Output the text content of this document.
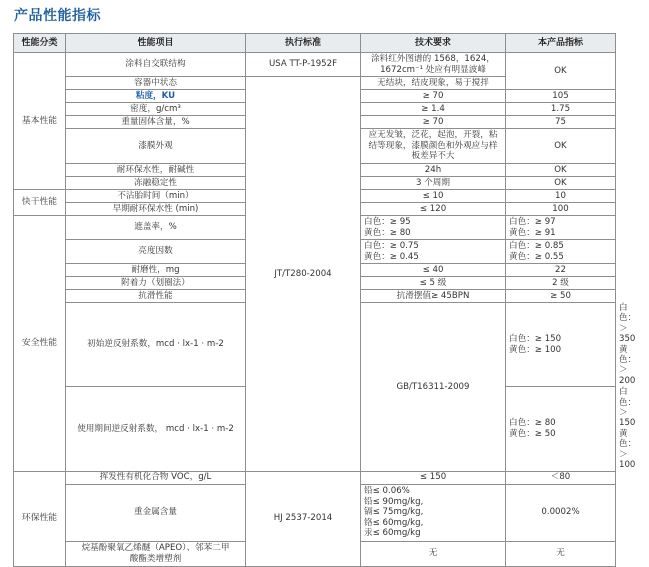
产品性能指标
性能分类	性能项目	执行标准	技术要求	本产品指标	
基本性能	涂料自交联结构	USA TT-P-1952F	涂料红外图谱的 1568，1624，
1672cm⁻¹ 处应有明显波峰	OK	
	容器中状态	JT/T280-2004	无结块，结皮现象，易于搅拌		
	粘度，KU		≥ 70	105	
	密度，g/cm³		≥ 1.4	1.75	
	重量固体含量，%		≥ 70	75	
	漆膜外观		应无发皱，泛花，起泡，开裂，粘
结等现象，漆膜颜色和外观应与样
板差异不大	OK	
	耐环保水性，耐碱性		24h	OK	
	冻融稳定性		3 个周期	OK	
快干性能	不沾胎时间（min）		≤ 10	10	
	早期耐环保水性 (min)		≤ 120	100	
安全性能	遮盖率，%		白色：≥ 95
黄色：≥ 80	白色：≥ 97
黄色：≥ 91	
	亮度因数		白色：≥ 0.75
黄色：≥ 0.45	白色：≥ 0.85
黄色：≥ 0.55	
	耐磨性，mg		≤ 40	22	
	附着力（划圈法）		≤ 5 级	2 级	
	抗滑性能		抗滑摆值≥ 45BPN	≥ 50	
	初始逆反射系数，mcd · lx-1 · m-2		GB/T16311-2009	白色：≥ 150
黄色：≥ 100	白色：＞350
黄色：＞200
	使用期间逆反射系数， mcd · lx-1 · m-2			白色：≥ 80
黄色：≥ 50	白色：＞150
黄色：＞100
环保性能	挥发性有机化合物 VOC，g/L	HJ 2537-2014	≤ 150	＜80	
	重金属含量		铅≤ 0.06%
铅≤ 90mg/kg,
镉≤ 75mg/kg,
铬≤ 60mg/kg,
汞≤ 60mg/kg	0.0002%	
	烷基酚聚氧乙烯醚（APEO）、邻苯二甲
酸酯类增塑剂		无	无	
